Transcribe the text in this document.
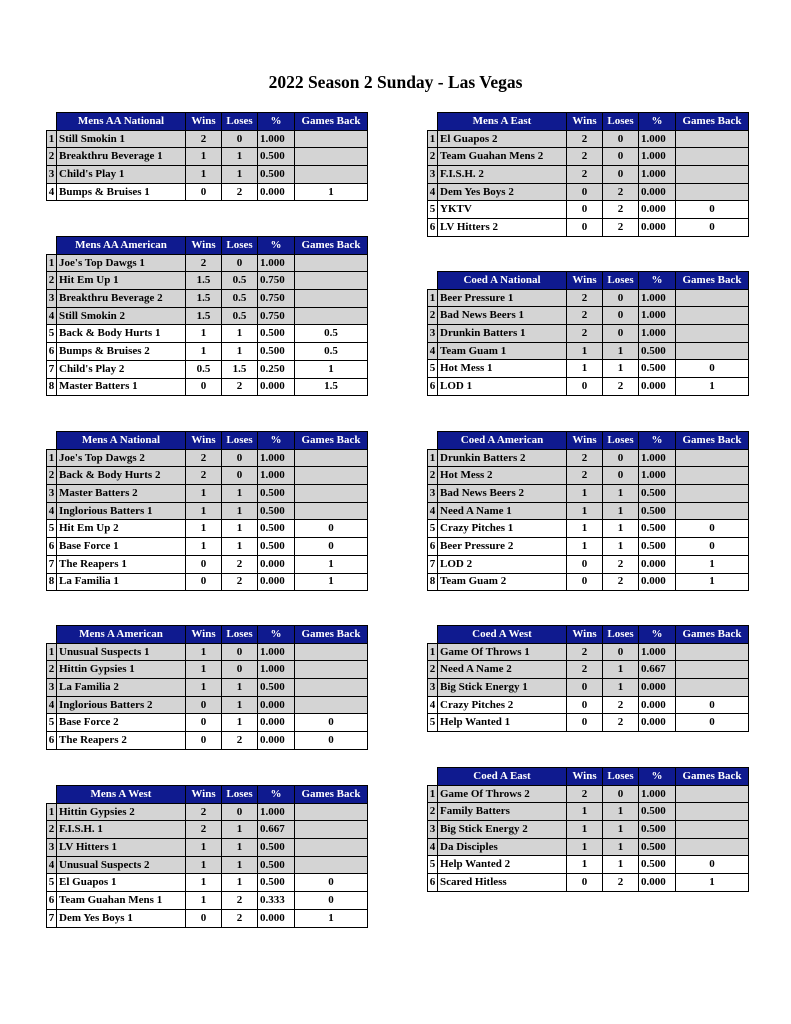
2022 Season 2 Sunday - Las Vegas
	Mens AA National	Wins	Loses	%	Games Back
1	Still Smokin 1	2	0	1.000	
2	Breakthru Beverage 1	1	1	0.500	
3	Child's Play 1	1	1	0.500	
4	Bumps & Bruises 1	0	2	0.000	1
	Mens AA American	Wins	Loses	%	Games Back
1	Joe's Top Dawgs 1	2	0	1.000	
2	Hit Em Up 1	1.5	0.5	0.750	
3	Breakthru Beverage 2	1.5	0.5	0.750	
4	Still Smokin 2	1.5	0.5	0.750	
5	Back & Body Hurts 1	1	1	0.500	0.5
6	Bumps & Bruises 2	1	1	0.500	0.5
7	Child's Play 2	0.5	1.5	0.250	1
8	Master Batters 1	0	2	0.000	1.5
	Mens A National	Wins	Loses	%	Games Back
1	Joe's Top Dawgs 2	2	0	1.000	
2	Back & Body Hurts 2	2	0	1.000	
3	Master Batters 2	1	1	0.500	
4	Inglorious Batters 1	1	1	0.500	
5	Hit Em Up 2	1	1	0.500	0
6	Base Force 1	1	1	0.500	0
7	The Reapers 1	0	2	0.000	1
8	La Familia 1	0	2	0.000	1
	Mens A American	Wins	Loses	%	Games Back
1	Unusual Suspects 1	1	0	1.000	
2	Hittin Gypsies 1	1	0	1.000	
3	La Familia 2	1	1	0.500	
4	Inglorious Batters 2	0	1	0.000	
5	Base Force 2	0	1	0.000	0
6	The Reapers 2	0	2	0.000	0
	Mens A West	Wins	Loses	%	Games Back
1	Hittin Gypsies 2	2	0	1.000	
2	F.I.S.H. 1	2	1	0.667	
3	LV Hitters 1	1	1	0.500	
4	Unusual Suspects 2	1	1	0.500	
5	El Guapos 1	1	1	0.500	0
6	Team Guahan Mens 1	1	2	0.333	0
7	Dem Yes Boys 1	0	2	0.000	1
	Mens A East	Wins	Loses	%	Games Back
1	El Guapos 2	2	0	1.000	
2	Team Guahan Mens 2	2	0	1.000	
3	F.I.S.H. 2	2	0	1.000	
4	Dem Yes Boys 2	0	2	0.000	
5	YKTV	0	2	0.000	0
6	LV Hitters 2	0	2	0.000	0
	Coed A National	Wins	Loses	%	Games Back
1	Beer Pressure 1	2	0	1.000	
2	Bad News Beers 1	2	0	1.000	
3	Drunkin Batters 1	2	0	1.000	
4	Team Guam 1	1	1	0.500	
5	Hot Mess 1	1	1	0.500	0
6	LOD 1	0	2	0.000	1
	Coed A American	Wins	Loses	%	Games Back
1	Drunkin Batters 2	2	0	1.000	
2	Hot Mess 2	2	0	1.000	
3	Bad News Beers 2	1	1	0.500	
4	Need A Name 1	1	1	0.500	
5	Crazy Pitches 1	1	1	0.500	0
6	Beer Pressure 2	1	1	0.500	0
7	LOD 2	0	2	0.000	1
8	Team Guam 2	0	2	0.000	1
	Coed A West	Wins	Loses	%	Games Back
1	Game Of Throws 1	2	0	1.000	
2	Need A Name 2	2	1	0.667	
3	Big Stick Energy 1	0	1	0.000	
4	Crazy Pitches 2	0	2	0.000	0
5	Help Wanted 1	0	2	0.000	0
	Coed A East	Wins	Loses	%	Games Back
1	Game Of Throws 2	2	0	1.000	
2	Family Batters	1	1	0.500	
3	Big Stick Energy 2	1	1	0.500	
4	Da Disciples	1	1	0.500	
5	Help Wanted 2	1	1	0.500	0
6	Scared Hitless	0	2	0.000	1
